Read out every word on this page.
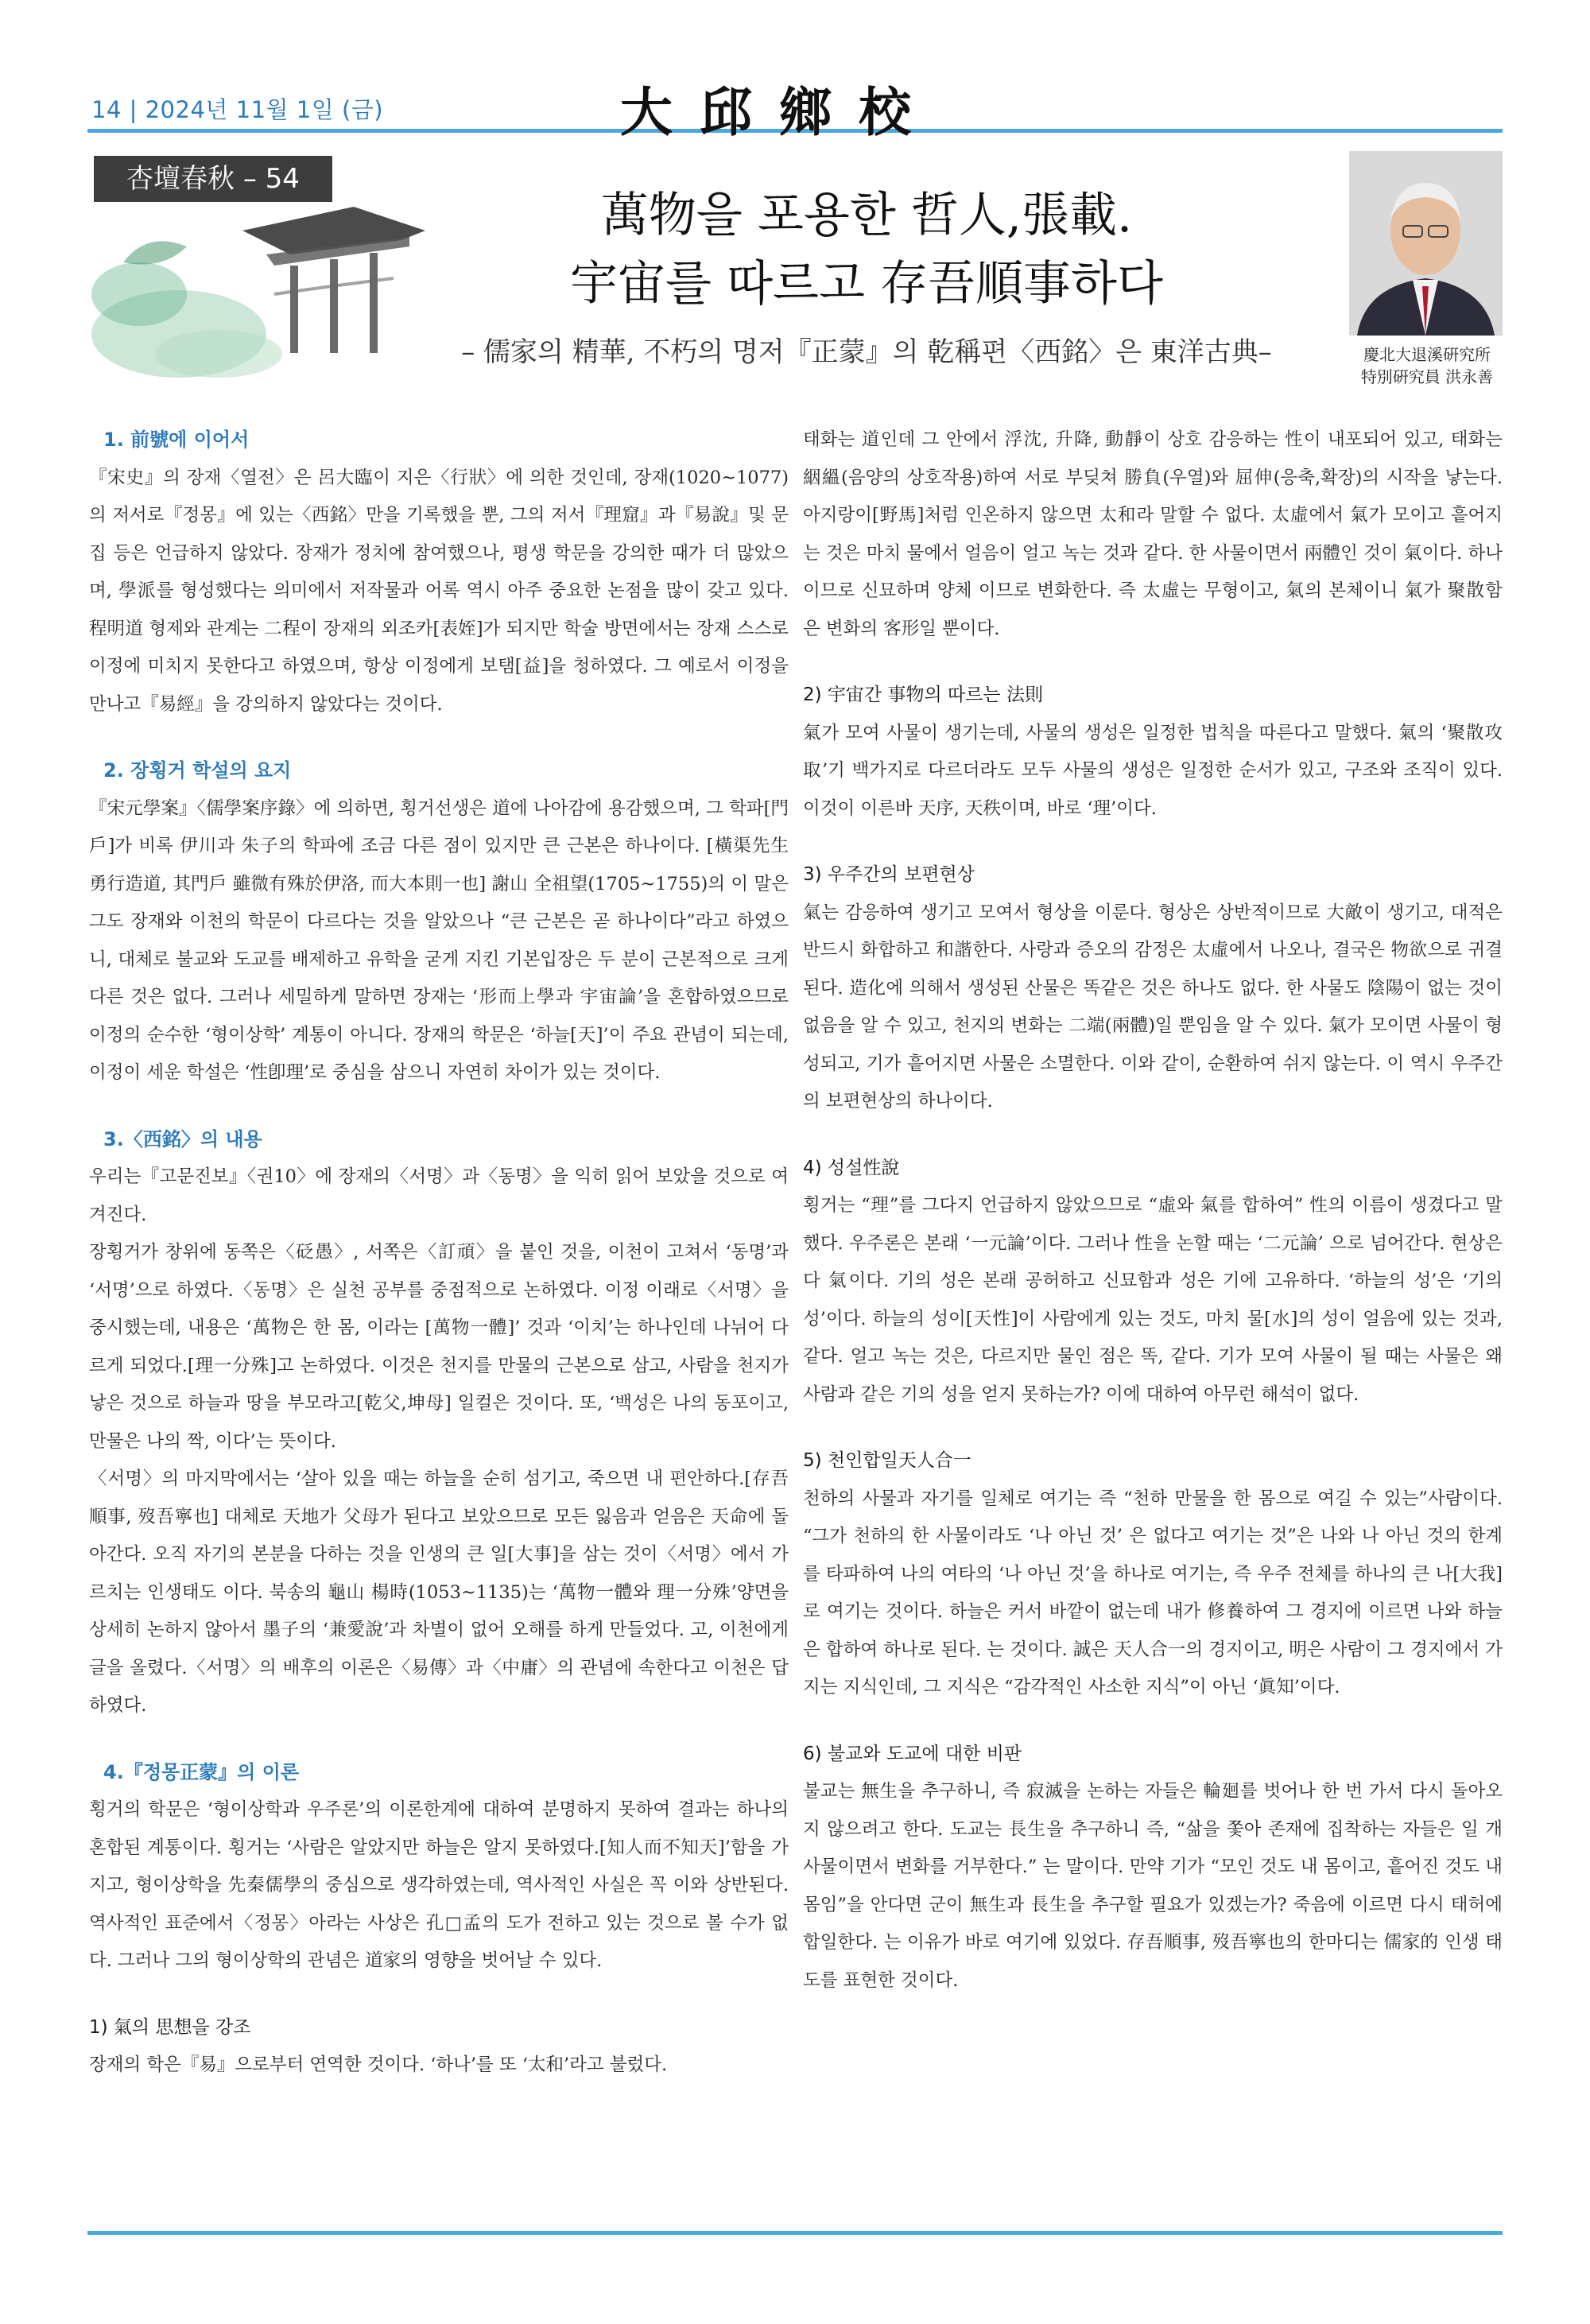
14 | 2024년 11월 1일 (금)	大邱鄉校
杏壇春秋 – 54
萬物을 포용한 哲人,張載.
宇宙를 따르고 存吾順事하다
– 儒家의 精華, 不朽의 명저『正蒙』의 乾稱편〈西銘〉은 東洋古典–	慶北大退溪硏究所
特別硏究員 洪永善
1. 前號에 이어서

『宋史』의 장재〈열전〉은 呂大臨이 지은〈行狀〉에 의한 것인데, 장재(1020~1077)의 저서로『정몽』에 있는〈西銘〉만을 기록했을 뿐, 그의 저서『理窟』과『易說』및 문집 등은 언급하지 않았다. 장재가 정치에 참여했으나, 평생 학문을 강의한 때가 더 많았으며, 學派를 형성했다는 의미에서 저작물과 어록 역시 아주 중요한 논점을 많이 갖고 있다. 程明道 형제와 관계는 二程이 장재의 외조카[表姪]가 되지만 학술 방면에서는 장재 스스로 이정에 미치지 못한다고 하였으며, 항상 이정에게 보탬[益]을 청하였다. 그 예로서 이정을 만나고『易經』을 강의하지 않았다는 것이다.

2. 장횡거 학설의 요지

『宋元學案』〈儒學案序錄〉에 의하면, 횡거선생은 道에 나아감에 용감했으며, 그 학파[門戶]가 비록 伊川과 朱子의 학파에 조금 다른 점이 있지만 큰 근본은 하나이다. [橫渠先生 勇行造道, 其門戶 雖微有殊於伊洛, 而大本則一也] 謝山 全祖望(1705~1755)의 이 말은 그도 장재와 이천의 학문이 다르다는 것을 알았으나 “큰 근본은 곧 하나이다”라고 하였으니, 대체로 불교와 도교를 배제하고 유학을 굳게 지킨 기본입장은 두 분이 근본적으로 크게 다른 것은 없다. 그러나 세밀하게 말하면 장재는 ‘形而上學과 宇宙論’을 혼합하였으므로 이정의 순수한 ‘형이상학’ 계통이 아니다. 장재의 학문은 ‘하늘[天]’이 주요 관념이 되는데, 이정이 세운 학설은 ‘性卽理’로 중심을 삼으니 자연히 차이가 있는 것이다.

3.〈西銘〉의 내용

우리는『고문진보』〈권10〉에 장재의〈서명〉과〈동명〉을 익히 읽어 보았을 것으로 여겨진다.

장횡거가 창위에 동쪽은〈砭愚〉, 서쪽은〈訂頑〉을 붙인 것을, 이천이 고쳐서 ‘동명’과 ‘서명’으로 하였다.〈동명〉은 실천 공부를 중점적으로 논하였다. 이정 이래로〈서명〉을 중시했는데, 내용은 ‘萬物은 한 몸, 이라는 [萬物一體]’ 것과 ‘이치’는 하나인데 나뉘어 다르게 되었다.[理一分殊]고 논하였다. 이것은 천지를 만물의 근본으로 삼고, 사람을 천지가 낳은 것으로 하늘과 땅을 부모라고[乾父,坤母] 일컬은 것이다. 또, ‘백성은 나의 동포이고, 만물은 나의 짝, 이다’는 뜻이다.

〈서명〉의 마지막에서는 ‘살아 있을 때는 하늘을 순히 섬기고, 죽으면 내 편안하다.[存吾順事, 歿吾寧也] 대체로 天地가 父母가 된다고 보았으므로 모든 잃음과 얻음은 天命에 돌아간다. 오직 자기의 본분을 다하는 것을 인생의 큰 일[大事]을 삼는 것이〈서명〉에서 가르치는 인생태도 이다. 북송의 龜山 楊時(1053~1135)는 ‘萬物一體와 理一分殊’양면을 상세히 논하지 않아서 墨子의 ‘兼愛說’과 차별이 없어 오해를 하게 만들었다. 고, 이천에게 글을 올렸다.〈서명〉의 배후의 이론은〈易傳〉과〈中庸〉의 관념에 속한다고 이천은 답하였다.

4.『정몽正蒙』의 이론

횡거의 학문은 ‘형이상학과 우주론’의 이론한계에 대하여 분명하지 못하여 결과는 하나의 혼합된 계통이다. 횡거는 ‘사람은 알았지만 하늘은 알지 못하였다.[知人而不知天]’함을 가지고, 형이상학을 先秦儒學의 중심으로 생각하였는데, 역사적인 사실은 꼭 이와 상반된다. 역사적인 표준에서〈정몽〉아라는 사상은 孔□孟의 도가 전하고 있는 것으로 볼 수가 없다. 그러나 그의 형이상학의 관념은 道家의 영향을 벗어날 수 있다.

1) 氣의 思想을 강조

장재의 학은『易』으로부터 연역한 것이다. ‘하나’를 또 ‘太和’라고 불렀다.

태화는 道인데 그 안에서 浮沈, 升降, 動靜이 상호 감응하는 性이 내포되어 있고, 태화는 絪縕(음양의 상호작용)하여 서로 부딪쳐 勝負(우열)와 屈伸(응축,확장)의 시작을 낳는다. 아지랑이[野馬]처럼 인온하지 않으면 太和라 말할 수 없다. 太虛에서 氣가 모이고 흩어지는 것은 마치 물에서 얼음이 얼고 녹는 것과 같다. 한 사물이면서 兩體인 것이 氣이다. 하나이므로 신묘하며 양체 이므로 변화한다. 즉 太虛는 무형이고, 氣의 본체이니 氣가 聚散함은 변화의 客形일 뿐이다.

2) 宇宙간 事物의 따르는 法則

氣가 모여 사물이 생기는데, 사물의 생성은 일정한 법칙을 따른다고 말했다. 氣의 ‘聚散攻取’기 백가지로 다르더라도 모두 사물의 생성은 일정한 순서가 있고, 구조와 조직이 있다. 이것이 이른바 天序, 天秩이며, 바로 ‘理’이다.

3) 우주간의 보편현상

氣는 감응하여 생기고 모여서 형상을 이룬다. 형상은 상반적이므로 大敵이 생기고, 대적은 반드시 화합하고 和諧한다. 사랑과 증오의 감정은 太虛에서 나오나, 결국은 物欲으로 귀결된다. 造化에 의해서 생성된 산물은 똑같은 것은 하나도 없다. 한 사물도 陰陽이 없는 것이 없음을 알 수 있고, 천지의 변화는 二端(兩體)일 뿐임을 알 수 있다. 氣가 모이면 사물이 형성되고, 기가 흩어지면 사물은 소멸한다. 이와 같이, 순환하여 쉬지 않는다. 이 역시 우주간의 보편현상의 하나이다.

4) 성설性說

횡거는 “理”를 그다지 언급하지 않았으므로 “虛와 氣를 합하여” 性의 이름이 생겼다고 말 했다. 우주론은 본래 ‘一元論’이다. 그러나 性을 논할 때는 ‘二元論’ 으로 넘어간다. 현상은 다 氣이다. 기의 성은 본래 공허하고 신묘함과 성은 기에 고유하다. ‘하늘의 성’은 ‘기의 성’이다. 하늘의 성이[天性]이 사람에게 있는 것도, 마치 물[水]의 성이 얼음에 있는 것과, 같다. 얼고 녹는 것은, 다르지만 물인 점은 똑, 같다. 기가 모여 사물이 될 때는 사물은 왜 사람과 같은 기의 성을 얻지 못하는가? 이에 대하여 아무런 해석이 없다.

5) 천인합일天人合一

천하의 사물과 자기를 일체로 여기는 즉 “천하 만물을 한 몸으로 여길 수 있는”사람이다. “그가 천하의 한 사물이라도 ‘나 아닌 것’ 은 없다고 여기는 것”은 나와 나 아닌 것의 한계를 타파하여 나의 여타의 ‘나 아닌 것’을 하나로 여기는, 즉 우주 전체를 하나의 큰 나[大我]로 여기는 것이다. 하늘은 커서 바깥이 없는데 내가 修養하여 그 경지에 이르면 나와 하늘은 합하여 하나로 된다. 는 것이다. 誠은 天人合一의 경지이고, 明은 사람이 그 경지에서 가지는 지식인데, 그 지식은 “감각적인 사소한 지식”이 아닌 ‘眞知’이다.

6) 불교와 도교에 대한 비판

불교는 無生을 추구하니, 즉 寂滅을 논하는 자들은 輪廻를 벗어나 한 번 가서 다시 돌아오지 않으려고 한다. 도교는 長生을 추구하니 즉, “삶을 쫓아 존재에 집착하는 자들은 일 개 사물이면서 변화를 거부한다.” 는 말이다. 만약 기가 “모인 것도 내 몸이고, 흩어진 것도 내 몸임”을 안다면 군이 無生과 長生을 추구할 필요가 있겠는가? 죽음에 이르면 다시 태허에 합일한다. 는 이유가 바로 여기에 있었다. 存吾順事, 歿吾寧也의 한마디는 儒家的 인생 태도를 표현한 것이다.
